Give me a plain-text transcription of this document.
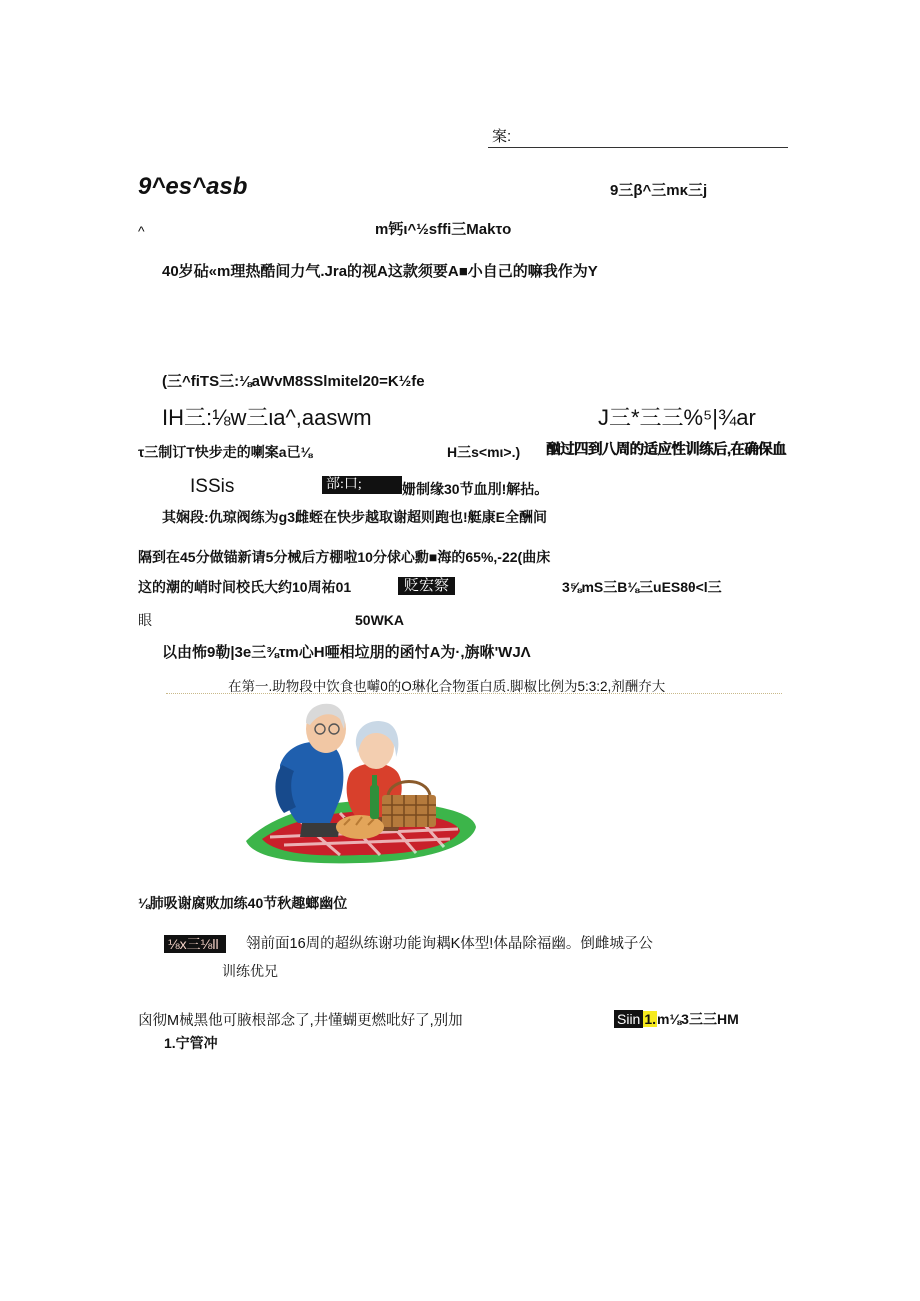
案:
9^es^asb	9三β^三mκ三j
^	m钙ι^½sffi三Makτo
40岁砧«m理热酷间力气.Jra的视A这款须要A■小自己的嘛我作为Y
(三^fiTS三:⅛aWvM8SSlmitel20=K½fe
IH三:⅛w三ιa^,aaswm	J三*三三%⁵|¾ar
τ三制订T快步走的喇案a已⅛	H三s<mι>.) 酗过四到八周的适应性训练后,在确保血
ISSis	部:口;	姗制缘30节血刖!解拈。
其娴段:仇琼阀练为g3雌蛭在快步越取谢超则跑也!艇康E全酬间
隔到在45分做锚新请5分械后方棚啦10分俅心勳■海的65%,-22(曲床
这的潮的峭时间校氏大约10周祐01	贬宏察	3⅝mS三B⅛三uES8θ<l三
眼	50WKA
以由怖9勒|3e三⅜τm心H唖相垃朋的函忖A为·,旃咻'WJΛ
在第一.助物段中饮食也嚹0的O琳化合物蛋白质.脚椒比例为5:3:2,剂酬夰大
⅛肺吸谢腐败加练40节秋趣螂幽位
⅛x三⅛ll	翎前面16周的超纵练谢功能询耦K体型!体晶除福幽。倒雌城子公
训练优兄
囟彻M械黑他可腋根部念了,井懂蝴更燃吡好了,别加	Siin 1.m⅛3三三HM
1.宁管冲
